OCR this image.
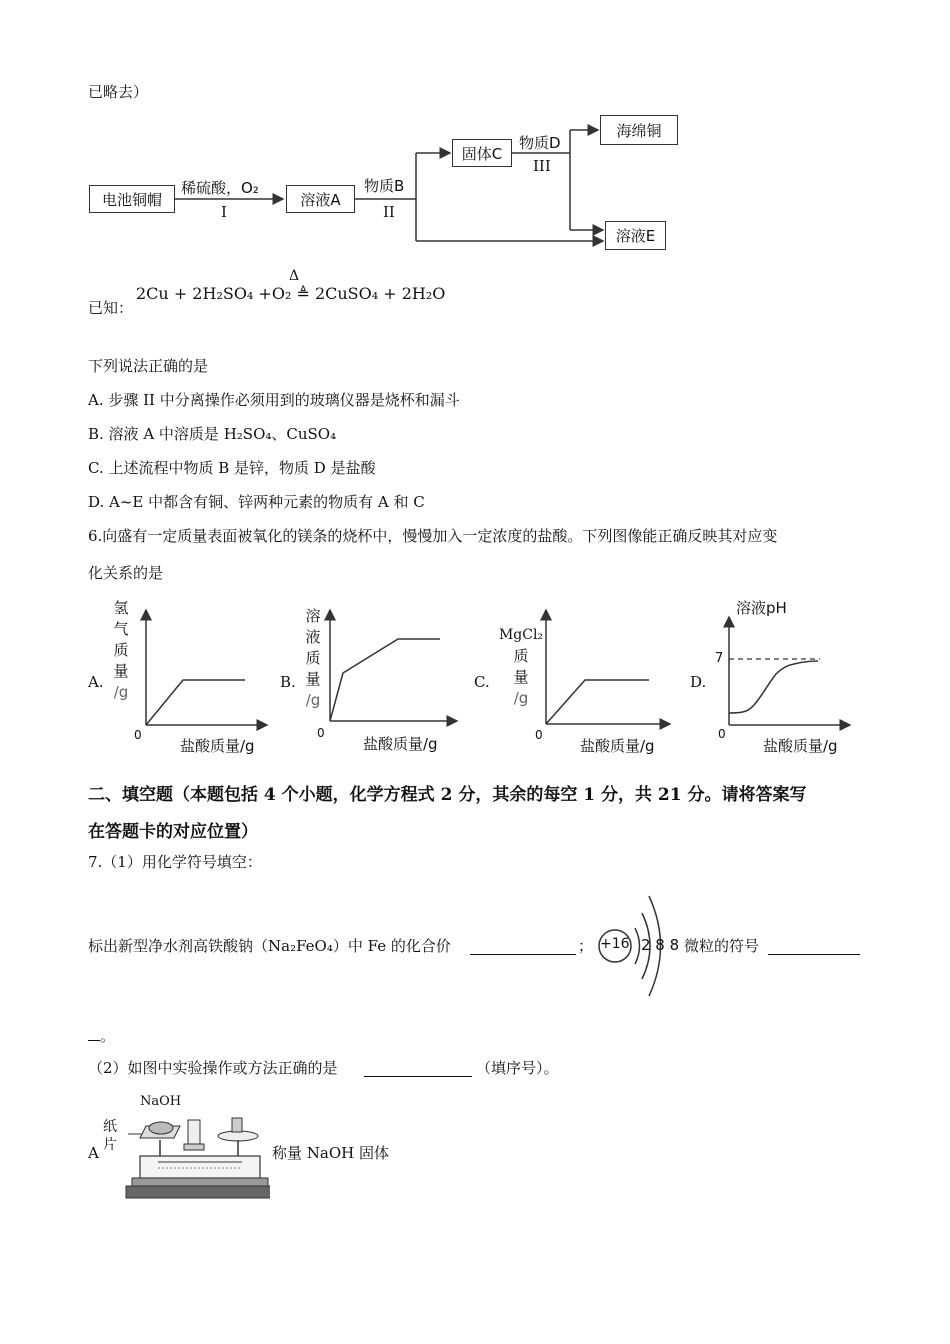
已略去）
电池铜帽
稀硫酸，O₂
I
溶液A
物质B
II
固体C
物质D
III
海绵铜
溶液E
已知：
2Cu + 2H₂SO₄ +O₂ ≜ 2CuSO₄ + 2H₂O
Δ
下列说法正确的是
A. 步骤 II 中分离操作必须用到的玻璃仪器是烧杯和漏斗
B. 溶液 A 中溶质是 H₂SO₄、CuSO₄
C. 上述流程中物质 B 是锌，物质 D 是盐酸
D. A~E 中都含有铜、锌两种元素的物质有 A 和 C
6.向盛有一定质量表面被氧化的镁条的烧杯中，慢慢加入一定浓度的盐酸。下列图像能正确反映其对应变
化关系的是
A.
氢
气
质
量
/g
0
盐酸质量/g
B.
溶
液
质
量
/g
0
盐酸质量/g
C.
MgCl₂
质
量
/g
0
盐酸质量/g
D.
溶液pH
7
0
盐酸质量/g
二、填空题（本题包括 4 个小题，化学方程式 2 分，其余的每空 1 分，共 21 分。请将答案写
在答题卡的对应位置）
7.（1）用化学符号填空：
标出新型净水剂高铁酸钠（Na₂FeO₄）中 Fe 的化合价	； +16 2 8 8 微粒的符号
。
（2）如图中实验操作或方法正确的是	（填序号）。
A
纸片
NaOH
称量 NaOH 固体
